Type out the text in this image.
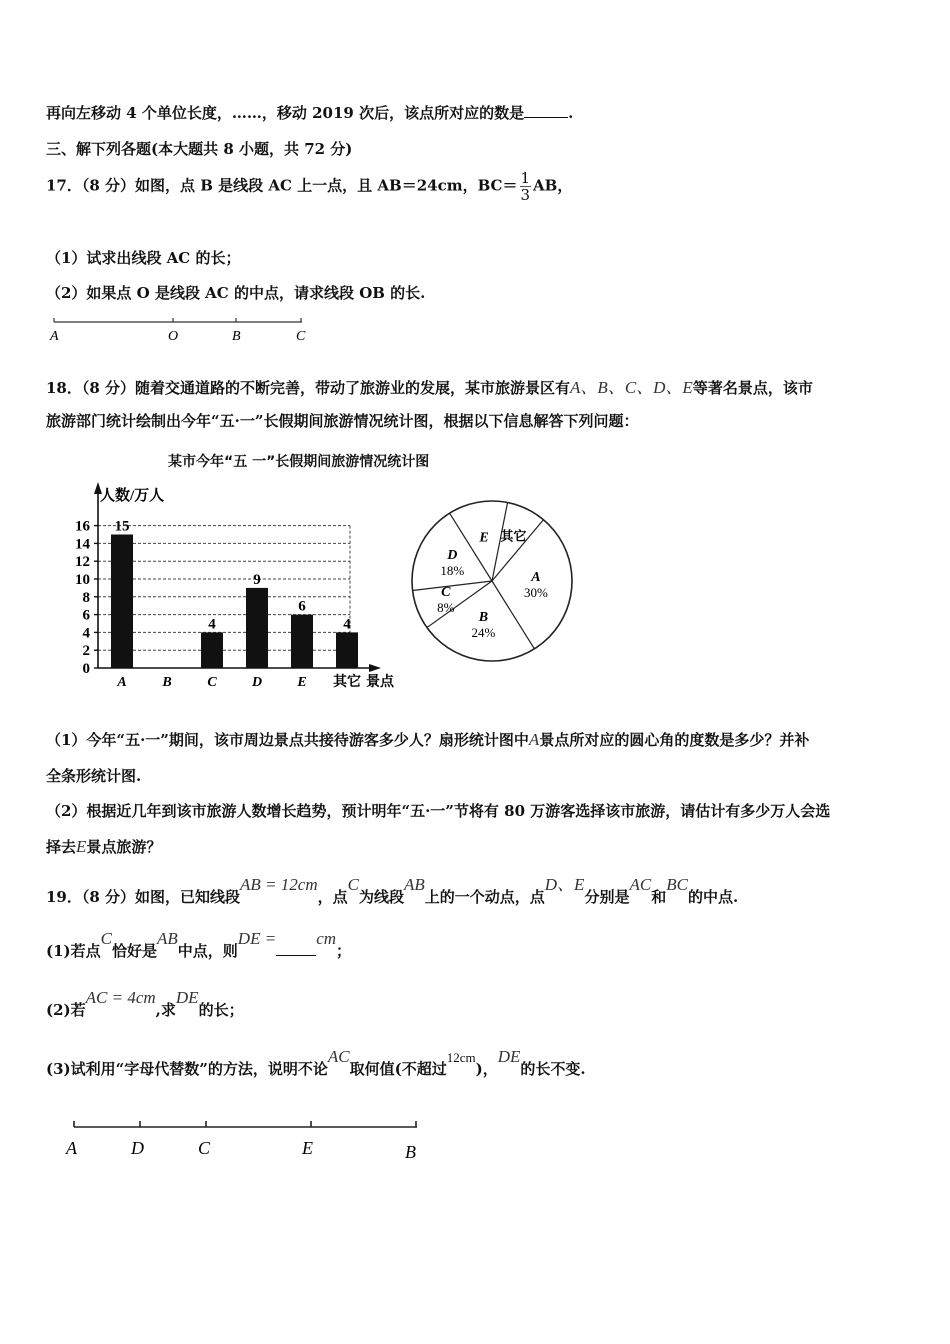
再向左移动 4 个单位长度，……，移动 2019 次后，该点所对应的数是	.
三、解下列各题(本大题共 8 小题，共 72 分)
17．（8 分）如图，点 B 是线段 AC 上一点，且 AB＝24cm，$BC= \frac{1}{3}$ AB，
（1）试求出线段 AC 的长；
（2）如果点 O 是线段 AC 的中点，请求线段 OB 的长.
A	O	B	C
18．（8 分）随着交通道路的不断完善，带动了旅游业的发展，某市旅游景区有A、B、C、D、E等著名景点，该市
旅游部门统计绘制出今年“五·一”长假期间旅游情况统计图，根据以下信息解答下列问题：
某市今年“五 一”长假期间旅游情况统计图
0
2
4
6
8
10
12
14
16
人数/万人
景点
15
A	B
4
C
9
D
6
E
4
其它
A
30%
B
24%
C
8%
D
18%
E 其它
（1）今年“五·一”期间，该市周边景点共接待游客多少人？扇形统计图中A景点所对应的圆心角的度数是多少？并补
全条形统计图.
（2）根据近几年到该市旅游人数增长趋势，预计明年“五·一”节将有 80 万游客选择该市旅游，请估计有多少万人会选
择去E景点旅游？
19．（8 分）如图，已知线段AB = 12cm，点C为线段AB上的一个动点，点D、E分别是AC和BC的中点.
(1)若点C恰好是AB中点，则DE = cm；
(2)若AC = 4cm,求DE的长；
(3)试利用“字母代替数”的方法，说明不论AC取何值(不超过12cm)，DE的长不变.
A	D	C	E	B
